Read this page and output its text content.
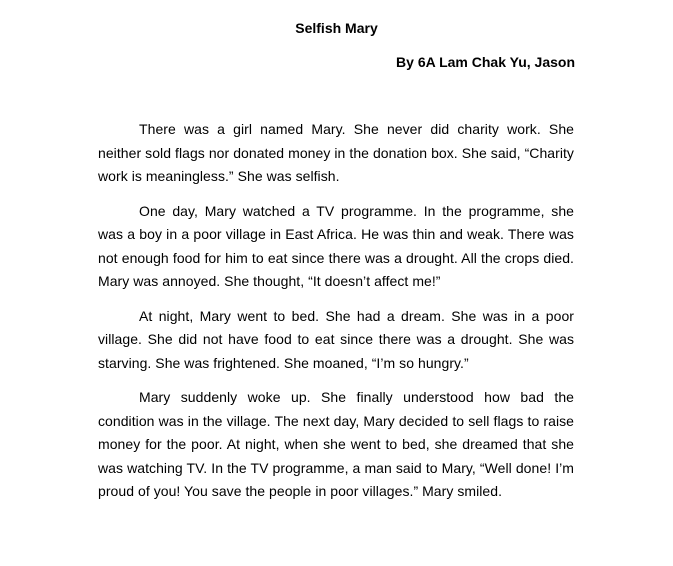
Selfish Mary
By 6A Lam Chak Yu, Jason

There was a girl named Mary. She never did charity work. She neither sold flags nor donated money in the donation box. She said, “Charity work is meaningless.” She was selfish.

One day, Mary watched a TV programme. In the programme, she was a boy in a poor village in East Africa. He was thin and weak. There was not enough food for him to eat since there was a drought. All the crops died. Mary was annoyed. She thought, “It doesn’t affect me!”

At night, Mary went to bed. She had a dream. She was in a poor village. She did not have food to eat since there was a drought. She was starving. She was frightened. She moaned, “I’m so hungry.”

Mary suddenly woke up. She finally understood how bad the condition was in the village. The next day, Mary decided to sell flags to raise money for the poor. At night, when she went to bed, she dreamed that she was watching TV. In the TV programme, a man said to Mary, “Well done! I’m proud of you! You save the people in poor villages.” Mary smiled.
